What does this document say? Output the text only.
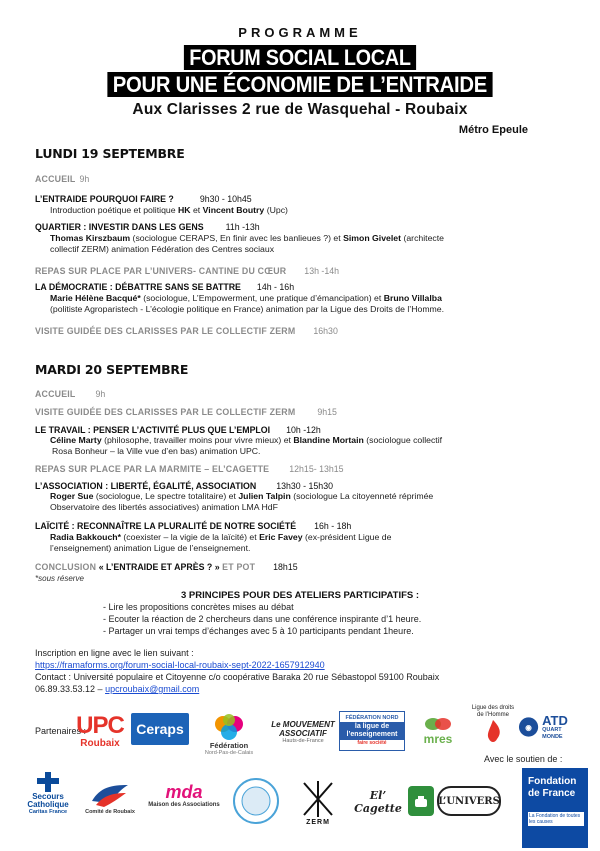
PROGRAMME
FORUM SOCIAL LOCAL
POUR UNE ÉCONOMIE DE L’ENTRAIDE
Aux Clarisses 2 rue de Wasquehal - Roubaix
Métro Epeule
LUNDI 19 SEPTEMBRE
ACCUEIL 9h
L’ENTRAIDE POURQUOI FAIRE ?	9h30 - 10h45
Introduction poétique et politique HK et Vincent Boutry (Upc)
QUARTIER : INVESTIR DANS LES GENS	11h -13h
Thomas Kirszbaum (sociologue CERAPS, En finir avec les banlieues ?) et Simon Givelet (architecte
collectif ZERM) animation Fédération des Centres sociaux
REPAS SUR PLACE PAR L’UNIVERS- CANTINE DU CŒUR 13h -14h
LA DÉMOCRATIE : DÉBATTRE SANS SE BATTRE 14h - 16h
Marie Hélène Bacqué* (sociologue, L’Empowerment, une pratique d’émancipation) et Bruno Villalba
(politiste Agroparistech - L’écologie politique en France) animation par la Ligue des Droits de l’Homme.
VISITE GUIDÉE DES CLARISSES PAR LE COLLECTIF ZERM 16h30
MARDI 20 SEPTEMBRE
ACCUEIL 9h
VISITE GUIDÉE DES CLARISSES PAR LE COLLECTIF ZERM	9h15
LE TRAVAIL : PENSER L’ACTIVITÉ PLUS QUE L’EMPLOI 10h -12h
Céline Marty (philosophe, travailler moins pour vivre mieux) et Blandine Mortain (sociologue collectif
Rosa Bonheur – la Ville vue d’en bas) animation UPC.
REPAS SUR PLACE PAR LA MARMITE – EL’CAGETTE 12h15- 13h15
L’ASSOCIATION : LIBERTÉ, ÉGALITÉ, ASSOCIATION 13h30 - 15h30
Roger Sue (sociologue, Le spectre totalitaire) et Julien Talpin (sociologue La citoyenneté réprimée
Observatoire des libertés associatives) animation LMA HdF
LAÏCITÉ : RECONNAÎTRE LA PLURALITÉ DE NOTRE SOCIÉTÉ 16h - 18h
Radia Bakkouch* (coexister – la vigie de la laïcité) et Eric Favey (ex-président Ligue de
l’enseignement) animation Ligue de l’enseignement.
CONCLUSION « L’ENTRAIDE ET APRÈS ? » ET POT 18h15
*sous réserve
3 PRINCIPES POUR DES ATELIERS PARTICIPATIFS :
- Lire les propositions concrètes mises au débat
- Ecouter la réaction de 2 chercheurs dans une conférence inspirante d’1 heure.
- Partager un vrai temps d’échanges avec 5 à 10 participants pendant 1heure.
Inscription en ligne avec le lien suivant :
https://framaforms.org/forum-social-local-roubaix-sept-2022-1657912940
Contact : Université populaire et Citoyenne c/o coopérative Baraka 20 rue Sébastopol 59100 Roubaix
06.89.33.53.12 – upcroubaix@gmail.com
Partenaires :
UPC
Roubaix
Ceraps
Fédération
Nord-Pas-de-Calais
Le MOUVEMENT ASSOCIATIF
Hauts-de-France
FÉDÉRATION NORD
la ligue de l’enseignement
faire société	mres
Ligue des droits de l’Homme
◉ ATD
QUART MONDE
Avec le soutien de :
Secours Catholique
Caritas France	Comité de Roubaix
mda
Maison des Associations
ZERM
El’ Cagette
L’UNIVERS
Fondation de France
La Fondation de toutes les causes
